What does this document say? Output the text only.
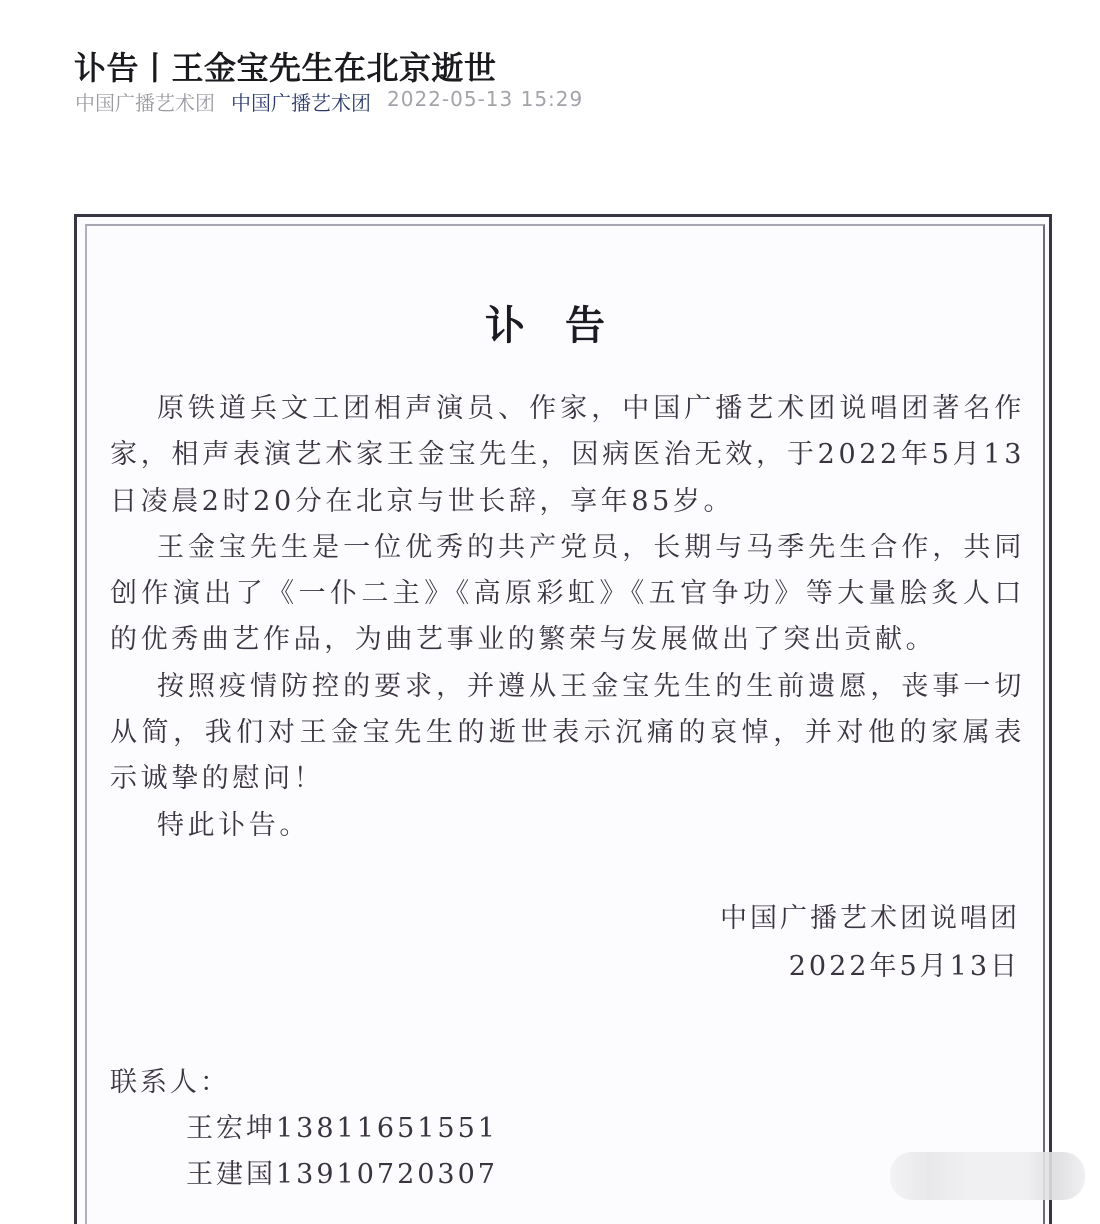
讣告丨王金宝先生在北京逝世
中国广播艺术团 中国广播艺术团 2022-05-13 15:29
讣告

原铁道兵文工团相声演员、作家，中国广播艺术团说唱团著名作家，相声表演艺术家王金宝先生，因病医治无效，于2022年5月13日凌晨2时20分在北京与世长辞，享年85岁。

王金宝先生是一位优秀的共产党员，长期与马季先生合作，共同创作演出了《一仆二主》《高原彩虹》《五官争功》等大量脍炙人口的优秀曲艺作品，为曲艺事业的繁荣与发展做出了突出贡献。

按照疫情防控的要求，并遵从王金宝先生的生前遗愿，丧事一切从简，我们对王金宝先生的逝世表示沉痛的哀悼，并对他的家属表示诚挚的慰问！

特此讣告。

中国广播艺术团说唱团
2022年5月13日
联系人：
王宏坤13811651551
王建国13910720307
